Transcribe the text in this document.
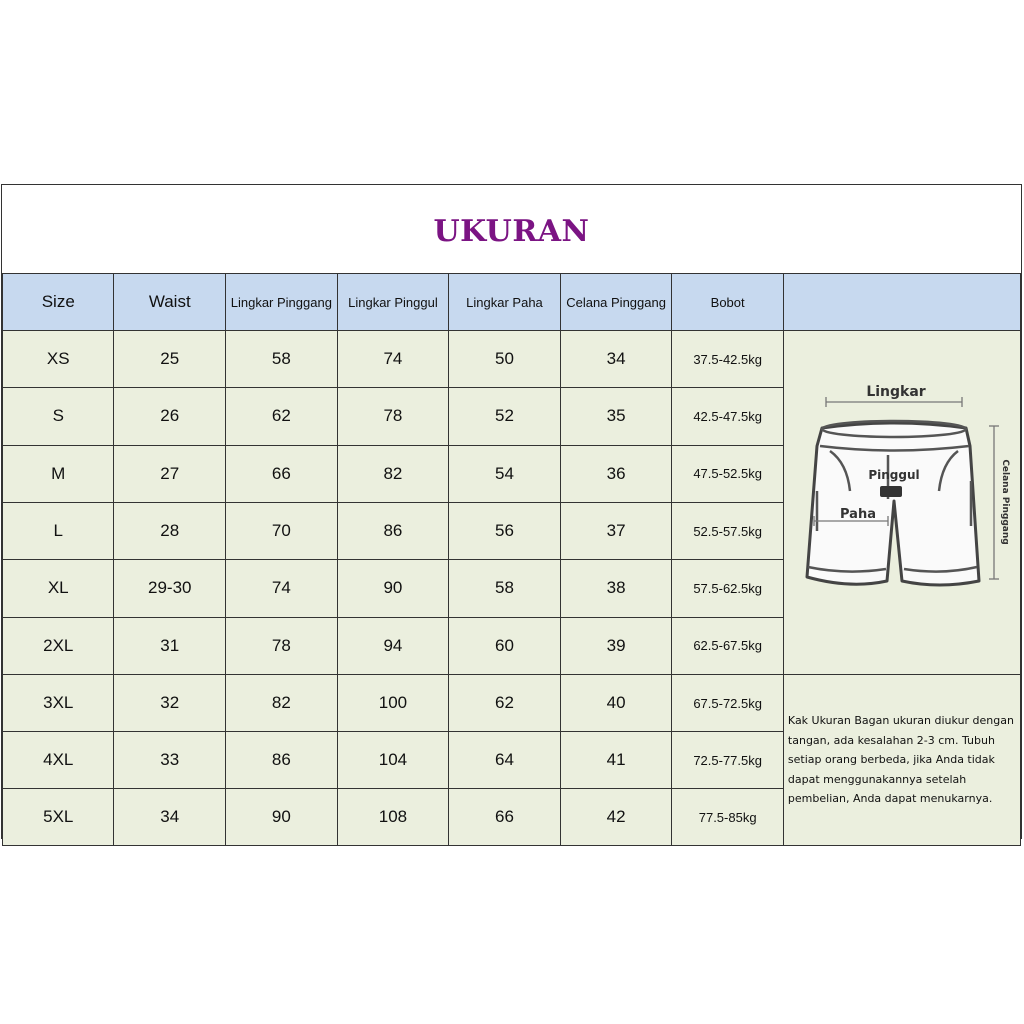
UKURAN
Size	Waist	Lingkar Pinggang	Lingkar Pinggul	Lingkar Paha	Celana Pinggang	Bobot	
XS	25	58	74	50	34	37.5-42.5kg	Lingkar
Pinggul
Paha Celana Pinggang

S	26	62	78	52	35	42.5-47.5kg	
M	27	66	82	54	36	47.5-52.5kg	
L	28	70	86	56	37	52.5-57.5kg	
XL	29-30	74	90	58	38	57.5-62.5kg	
2XL	31	78	94	60	39	62.5-67.5kg	
3XL	32	82	100	62	40	67.5-72.5kg	Kak Ukuran Bagan ukuran diukur dengan
tangan, ada kesalahan 2-3 cm. Tubuh
setiap orang berbeda, jika Anda tidak
dapat menggunakannya setelah
pembelian, Anda dapat menukarnya.

4XL	33	86	104	64	41	72.5-77.5kg	
5XL	34	90	108	66	42	77.5-85kg	
